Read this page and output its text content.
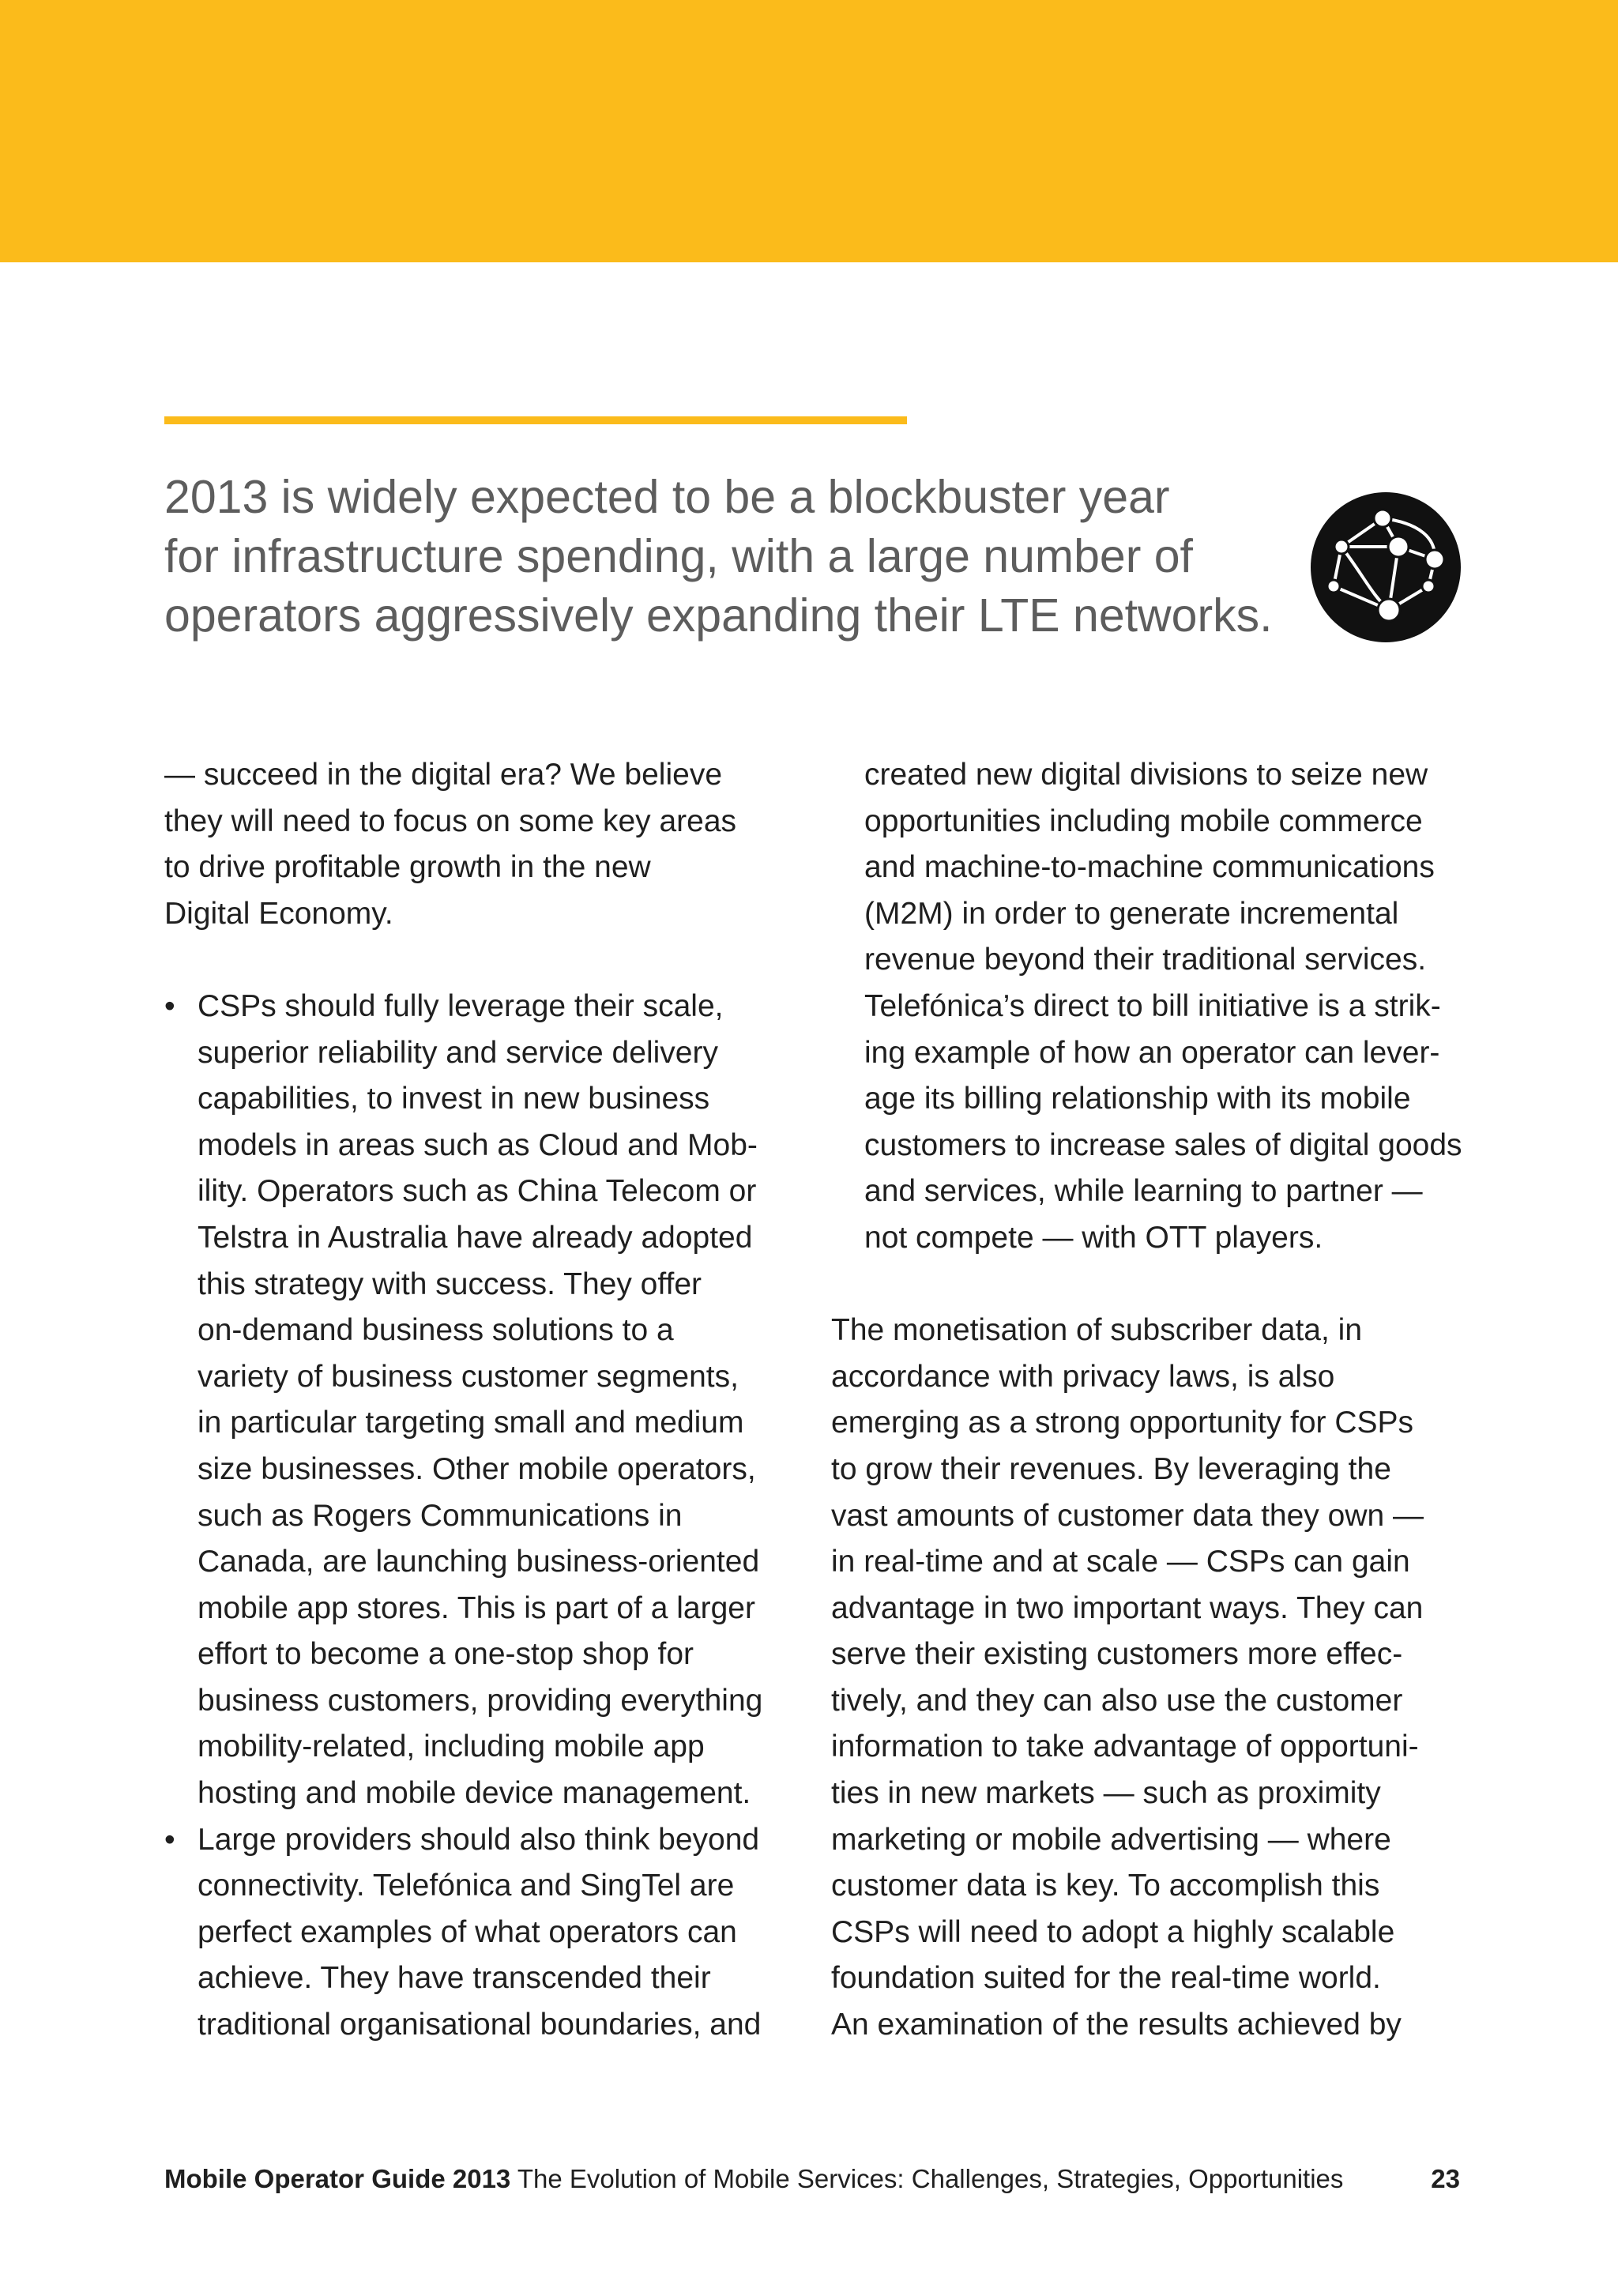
2013 is widely expected to be a blockbuster year
for infrastructure spending, with a large number of
operators aggressively expanding their LTE networks.

— succeed in the digital era? We believe
they will need to focus on some key areas
to drive profitable growth in the new
Digital Economy.

• CSPs should fully leverage their scale,
superior reliability and service delivery
capabilities, to invest in new business
models in areas such as Cloud and Mob-
ility. Operators such as China Telecom or
Telstra in Australia have already adopted
this strategy with success. They offer
on-demand business solutions to a
variety of business customer segments,
in particular targeting small and medium
size businesses. Other mobile operators,
such as Rogers Communications in
Canada, are launching business-oriented
mobile app stores. This is part of a larger
effort to become a one-stop shop for
business customers, providing everything
mobility-related, including mobile app
hosting and mobile device management.
• Large providers should also think beyond
connectivity. Telefónica and SingTel are
perfect examples of what operators can
achieve. They have transcended their
traditional organisational boundaries, and
created new digital divisions to seize new
opportunities including mobile commerce
and machine-to-machine communications
(M2M) in order to generate incremental
revenue beyond their traditional services.
Telefónica’s direct to bill initiative is a strik-
ing example of how an operator can lever-
age its billing relationship with its mobile
customers to increase sales of digital goods
and services, while learning to partner —
not compete — with OTT players.

The monetisation of subscriber data, in
accordance with privacy laws, is also
emerging as a strong opportunity for CSPs
to grow their revenues. By leveraging the
vast amounts of customer data they own —
in real-time and at scale — CSPs can gain
advantage in two important ways. They can
serve their existing customers more effec-
tively, and they can also use the customer
information to take advantage of opportuni-
ties in new markets — such as proximity
marketing or mobile advertising — where
customer data is key. To accomplish this
CSPs will need to adopt a highly scalable
foundation suited for the real-time world.
An examination of the results achieved by

Mobile Operator Guide 2013 The Evolution of Mobile Services: Challenges, Strategies, Opportunities	23
